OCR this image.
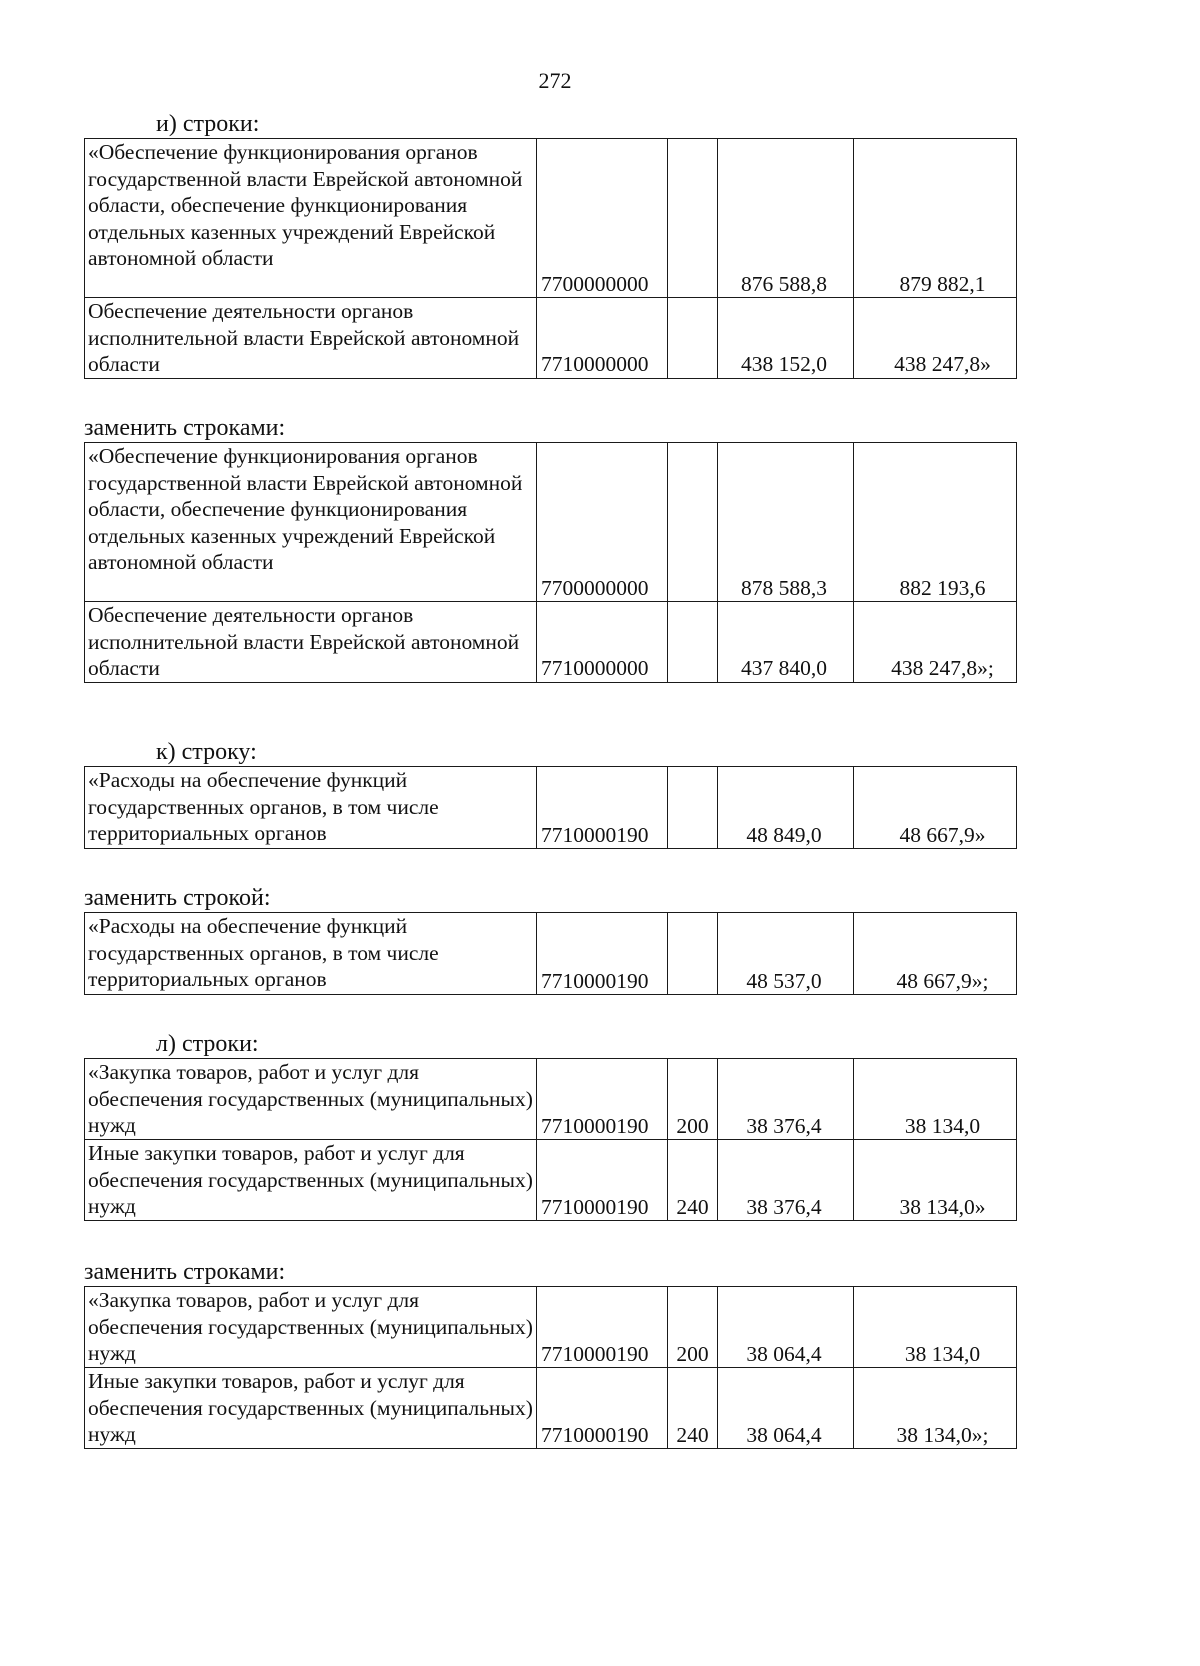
272
и) строки:
«Обеспечение функционирования органов государственной власти Еврейской автономной области, обеспечение функционирования отдельных казенных учреждений Еврейской автономной области	7700000000		876 588,8	879 882,1
Обеспечение деятельности органов исполнительной власти Еврейской автономной области	7710000000		438 152,0	438 247,8»
заменить строками:
«Обеспечение функционирования органов государственной власти Еврейской автономной области, обеспечение функционирования отдельных казенных учреждений Еврейской автономной области	7700000000		878 588,3	882 193,6
Обеспечение деятельности органов исполнительной власти Еврейской автономной области	7710000000		437 840,0	438 247,8»;
к) строку:
«Расходы на обеспечение функций государственных органов, в том числе территориальных органов	7710000190		48 849,0	48 667,9»
заменить строкой:
«Расходы на обеспечение функций государственных органов, в том числе территориальных органов	7710000190		48 537,0	48 667,9»;
л) строки:
«Закупка товаров, работ и услуг для обеспечения государственных (муниципальных) нужд	7710000190	200	38 376,4	38 134,0
Иные закупки товаров, работ и услуг для обеспечения государственных (муниципальных) нужд	7710000190	240	38 376,4	38 134,0»
заменить строками:
«Закупка товаров, работ и услуг для обеспечения государственных (муниципальных) нужд	7710000190	200	38 064,4	38 134,0
Иные закупки товаров, работ и услуг для обеспечения государственных (муниципальных) нужд	7710000190	240	38 064,4	38 134,0»;
